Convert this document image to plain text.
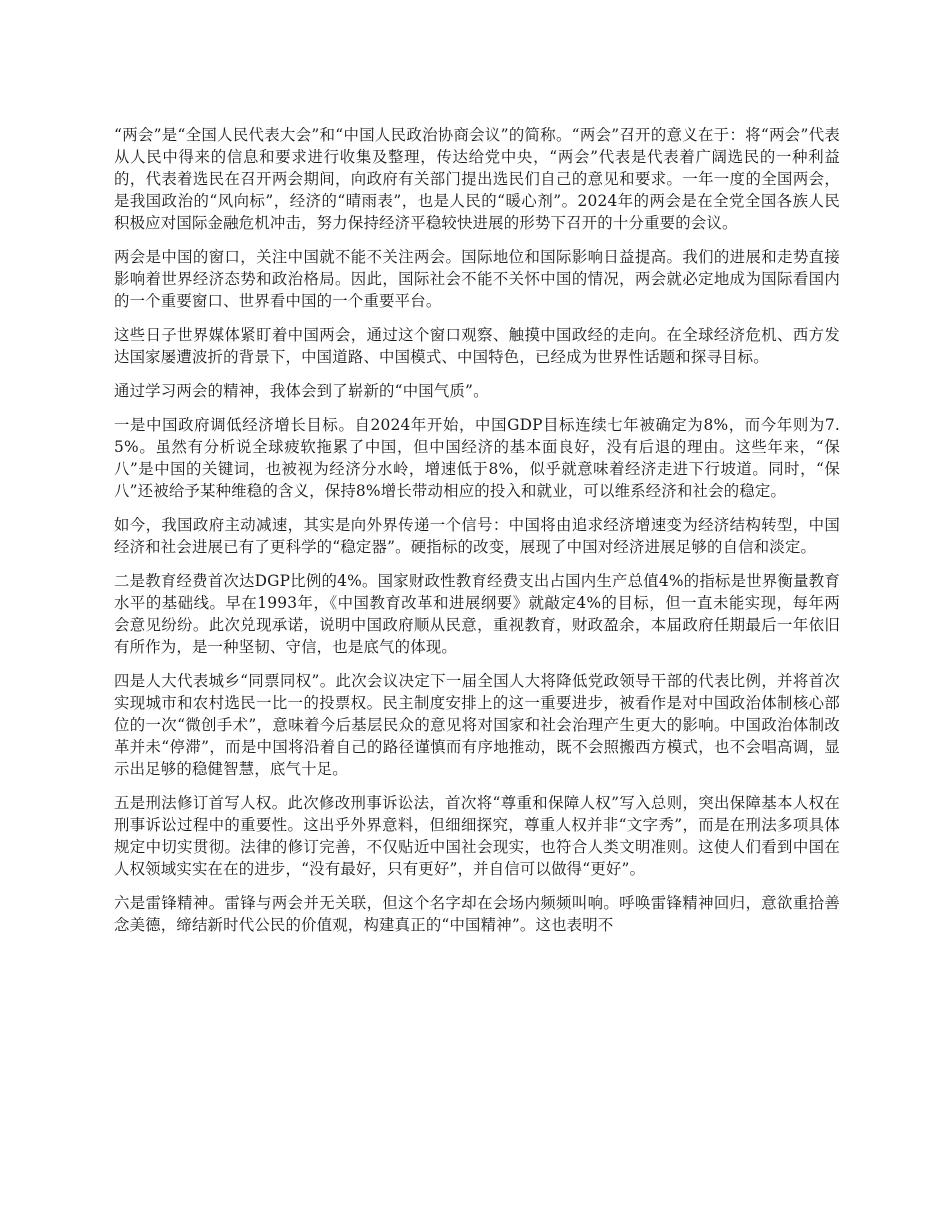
“两会”是“全国人民代表大会”和“中国人民政治协商会议”的简称。“两会”召开的意义在于：将“两会”代表从人民中得来的信息和要求进行收集及整理，传达给党中央，“两会”代表是代表着广阔选民的一种利益的，代表着选民在召开两会期间，向政府有关部门提出选民们自己的意见和要求。一年一度的全国两会，是我国政治的“风向标”，经济的“晴雨表”，也是人民的“暖心剂”。2024年的两会是在全党全国各族人民积极应对国际金融危机冲击，努力保持经济平稳较快进展的形势下召开的十分重要的会议。

两会是中国的窗口，关注中国就不能不关注两会。国际地位和国际影响日益提高。我们的进展和走势直接影响着世界经济态势和政治格局。因此，国际社会不能不关怀中国的情况，两会就必定地成为国际看国内的一个重要窗口、世界看中国的一个重要平台。

这些日子世界媒体紧盯着中国两会，通过这个窗口观察、触摸中国政经的走向。在全球经济危机、西方发达国家屡遭波折的背景下，中国道路、中国模式、中国特色，已经成为世界性话题和探寻目标。

通过学习两会的精神，我体会到了崭新的“中国气质”。

一是中国政府调低经济增长目标。自2024年开始，中国GDP目标连续七年被确定为8%，而今年则为7.5%。虽然有分析说全球疲软拖累了中国，但中国经济的基本面良好，没有后退的理由。这些年来，“保八”是中国的关键词，也被视为经济分水岭，增速低于8%，似乎就意味着经济走进下行坡道。同时，“保八”还被给予某种维稳的含义，保持8%增长带动相应的投入和就业，可以维系经济和社会的稳定。

如今，我国政府主动减速，其实是向外界传递一个信号：中国将由追求经济增速变为经济结构转型，中国经济和社会进展已有了更科学的“稳定器”。硬指标的改变，展现了中国对经济进展足够的自信和淡定。

二是教育经费首次达DGP比例的4%。国家财政性教育经费支出占国内生产总值4%的指标是世界衡量教育水平的基础线。早在1993年，《中国教育改革和进展纲要》就敲定4%的目标，但一直未能实现，每年两会意见纷纷。此次兑现承诺，说明中国政府顺从民意，重视教育，财政盈余，本届政府任期最后一年依旧有所作为，是一种坚韧、守信，也是底气的体现。

四是人大代表城乡“同票同权”。此次会议决定下一届全国人大将降低党政领导干部的代表比例，并将首次实现城市和农村选民一比一的投票权。民主制度安排上的这一重要进步，被看作是对中国政治体制核心部位的一次“微创手术”，意味着今后基层民众的意见将对国家和社会治理产生更大的影响。中国政治体制改革并未“停滞”，而是中国将沿着自己的路径谨慎而有序地推动，既不会照搬西方模式，也不会唱高调，显示出足够的稳健智慧，底气十足。

五是刑法修订首写人权。此次修改刑事诉讼法，首次将“尊重和保障人权”写入总则，突出保障基本人权在刑事诉讼过程中的重要性。这出乎外界意料，但细细探究，尊重人权并非“文字秀”，而是在刑法多项具体规定中切实贯彻。法律的修订完善，不仅贴近中国社会现实，也符合人类文明准则。这使人们看到中国在人权领域实实在在的进步，“没有最好，只有更好”，并自信可以做得“更好”。

六是雷锋精神。雷锋与两会并无关联，但这个名字却在会场内频频叫响。呼唤雷锋精神回归，意欲重拾善念美德，缔结新时代公民的价值观，构建真正的“中国精神”。这也表明不
